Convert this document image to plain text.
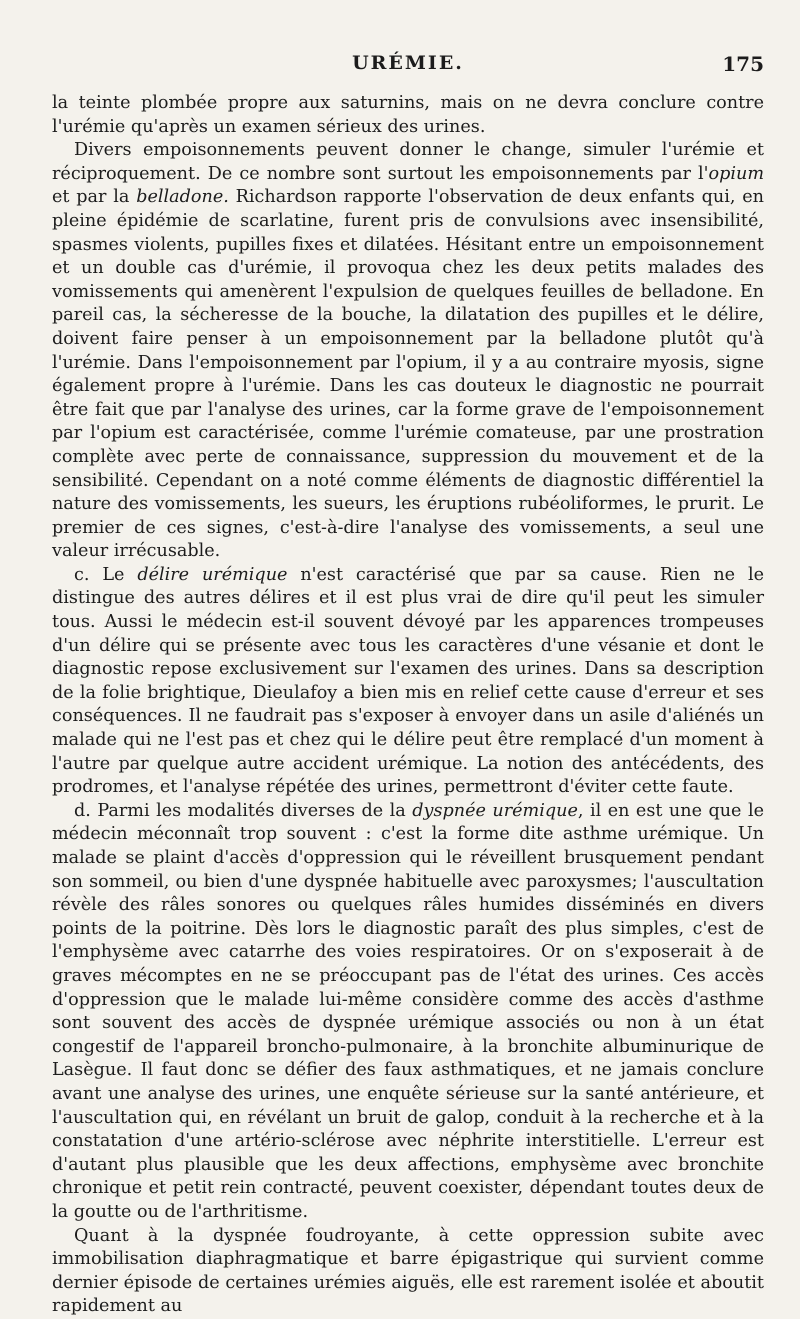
URÉMIE.	175

la teinte plombée propre aux saturnins, mais on ne devra conclure contre l'urémie qu'après un examen sérieux des urines.

Divers empoisonnements peuvent donner le change, simuler l'urémie et réciproquement. De ce nombre sont surtout les empoisonnements par l'opium et par la belladone. Richardson rapporte l'observation de deux enfants qui, en pleine épidémie de scarlatine, furent pris de convulsions avec insensibilité, spasmes violents, pupilles fixes et dilatées. Hésitant entre un empoisonnement et un double cas d'urémie, il provoqua chez les deux petits malades des vomissements qui amenèrent l'expulsion de quelques feuilles de belladone. En pareil cas, la sécheresse de la bouche, la dilatation des pupilles et le délire, doivent faire penser à un empoisonnement par la belladone plutôt qu'à l'urémie. Dans l'empoisonnement par l'opium, il y a au contraire myosis, signe également propre à l'urémie. Dans les cas douteux le diagnostic ne pourrait être fait que par l'analyse des urines, car la forme grave de l'empoisonnement par l'opium est caractérisée, comme l'urémie comateuse, par une prostration complète avec perte de connaissance, suppression du mouvement et de la sensibilité. Cependant on a noté comme éléments de diagnostic différentiel la nature des vomissements, les sueurs, les éruptions rubéoliformes, le prurit. Le premier de ces signes, c'est-à-dire l'analyse des vomissements, a seul une valeur irrécusable.

c. Le délire urémique n'est caractérisé que par sa cause. Rien ne le distingue des autres délires et il est plus vrai de dire qu'il peut les simuler tous. Aussi le médecin est-il souvent dévoyé par les apparences trompeuses d'un délire qui se présente avec tous les caractères d'une vésanie et dont le diagnostic repose exclusivement sur l'examen des urines. Dans sa description de la folie brightique, Dieulafoy a bien mis en relief cette cause d'erreur et ses conséquences. Il ne faudrait pas s'exposer à envoyer dans un asile d'aliénés un malade qui ne l'est pas et chez qui le délire peut être remplacé d'un moment à l'autre par quelque autre accident urémique. La notion des antécédents, des prodromes, et l'analyse répétée des urines, permettront d'éviter cette faute.

d. Parmi les modalités diverses de la dyspnée urémique, il en est une que le médecin méconnaît trop souvent : c'est la forme dite asthme urémique. Un malade se plaint d'accès d'oppression qui le réveillent brusquement pendant son sommeil, ou bien d'une dyspnée habituelle avec paroxysmes; l'auscultation révèle des râles sonores ou quelques râles humides disséminés en divers points de la poitrine. Dès lors le diagnostic paraît des plus simples, c'est de l'emphysème avec catarrhe des voies respiratoires. Or on s'exposerait à de graves mécomptes en ne se préoccupant pas de l'état des urines. Ces accès d'oppression que le malade lui-même considère comme des accès d'asthme sont souvent des accès de dyspnée urémique associés ou non à un état congestif de l'appareil broncho-pulmonaire, à la bronchite albuminurique de Lasègue. Il faut donc se défier des faux asthmatiques, et ne jamais conclure avant une analyse des urines, une enquête sérieuse sur la santé antérieure, et l'auscultation qui, en révélant un bruit de galop, conduit à la recherche et à la constatation d'une artério-sclérose avec néphrite interstitielle. L'erreur est d'autant plus plausible que les deux affections, emphysème avec bronchite chronique et petit rein contracté, peuvent coexister, dépendant toutes deux de la goutte ou de l'arthritisme.

Quant à la dyspnée foudroyante, à cette oppression subite avec immobilisation diaphragmatique et barre épigastrique qui survient comme dernier épisode de certaines urémies aiguës, elle est rarement isolée et aboutit rapidement au
